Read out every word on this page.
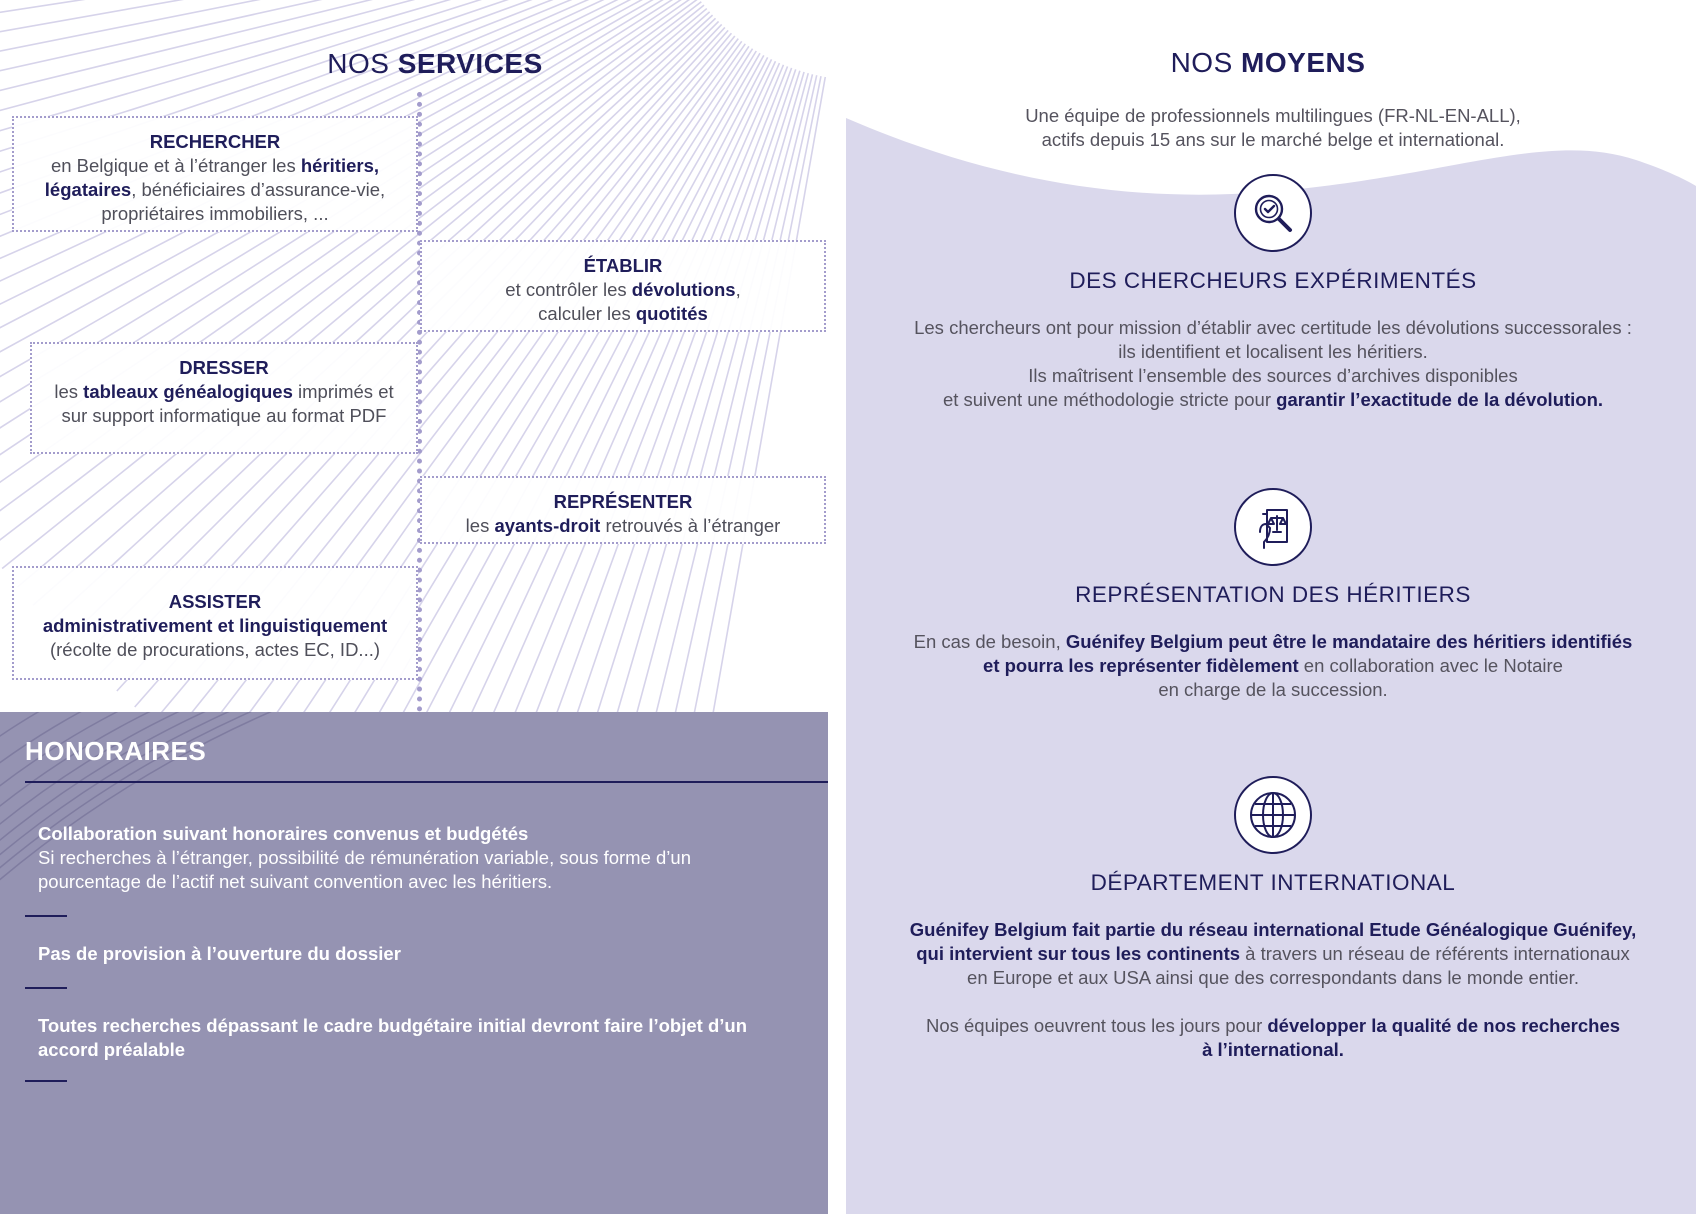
NOS SERVICES
RECHERCHER
en Belgique et à l’étranger les héritiers, légataires, bénéficiaires d’assurance-vie, propriétaires immobiliers, ...
ÉTABLIR
et contrôler les dévolutions, calculer les quotités
DRESSER
les tableaux généalogiques imprimés et sur support informatique au format PDF
REPRÉSENTER
les ayants-droit retrouvés à l’étranger
ASSISTER
administrativement et linguistiquement
(récolte de procurations, actes EC, ID...)
HONORAIRES
Collaboration suivant honoraires convenus et budgétés
Si recherches à l’étranger, possibilité de rémunération variable, sous forme d’un pourcentage de l’actif net suivant convention avec les héritiers.
Pas de provision à l’ouverture du dossier
Toutes recherches dépassant le cadre budgétaire initial devront faire l’objet d’un accord préalable
NOS MOYENS
Une équipe de professionnels multilingues (FR-NL-EN-ALL),
actifs depuis 15 ans sur le marché belge et international.
DES CHERCHEURS EXPÉRIMENTÉS
Les chercheurs ont pour mission d’établir avec certitude les dévolutions successorales :
ils identifient et localisent les héritiers.
Ils maîtrisent l’ensemble des sources d’archives disponibles
et suivent une méthodologie stricte pour garantir l’exactitude de la dévolution.
REPRÉSENTATION DES HÉRITIERS
En cas de besoin, Guénifey Belgium peut être le mandataire des héritiers identifiés
et pourra les représenter fidèlement en collaboration avec le Notaire
en charge de la succession.
DÉPARTEMENT INTERNATIONAL
Guénifey Belgium fait partie du réseau international Etude Généalogique Guénifey,
qui intervient sur tous les continents à travers un réseau de référents internationaux
en Europe et aux USA ainsi que des correspondants dans le monde entier.
Nos équipes oeuvrent tous les jours pour développer la qualité de nos recherches
à l’international.
